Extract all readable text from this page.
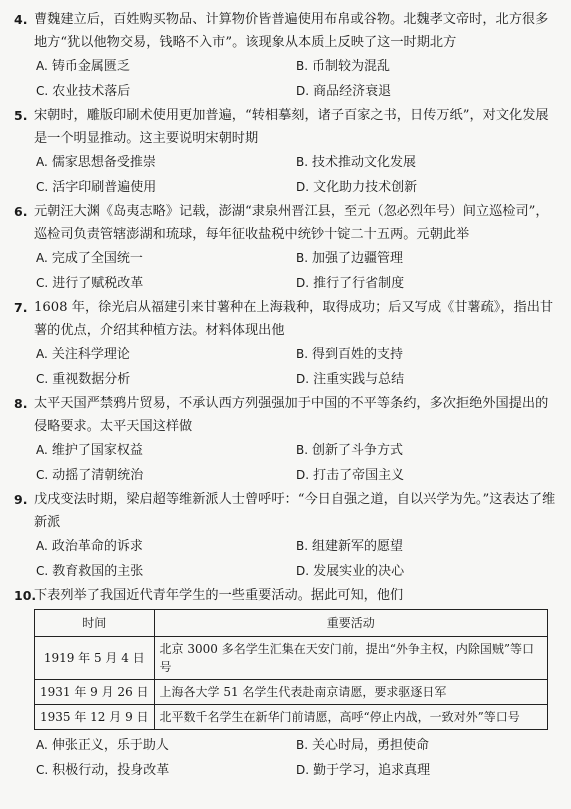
4. 曹魏建立后，百姓购买物品、计算物价皆普遍使用布帛或谷物。北魏孝文帝时，北方很多地方“犹以他物交易，钱略不入市”。该现象从本质上反映了这一时期北方
A. 铸币金属匮乏	B. 币制较为混乱
C. 农业技术落后	D. 商品经济衰退
5. 宋朝时，雕版印刷术使用更加普遍，“转相摹刻，诸子百家之书，日传万纸”，对文化发展是一个明显推动。这主要说明宋朝时期
A. 儒家思想备受推崇	B. 技术推动文化发展
C. 活字印刷普遍使用	D. 文化助力技术创新
6. 元朝汪大渊《岛夷志略》记载，澎湖“隶泉州晋江县，至元（忽必烈年号）间立巡检司”，巡检司负责管辖澎湖和琉球，每年征收盐税中统钞十锭二十五两。元朝此举
A. 完成了全国统一	B. 加强了边疆管理
C. 进行了赋税改革	D. 推行了行省制度
7. 1608 年，徐光启从福建引来甘薯种在上海栽种，取得成功；后又写成《甘薯疏》，指出甘薯的优点，介绍其种植方法。材料体现出他
A. 关注科学理论	B. 得到百姓的支持
C. 重视数据分析	D. 注重实践与总结
8. 太平天国严禁鸦片贸易，不承认西方列强强加于中国的不平等条约，多次拒绝外国提出的侵略要求。太平天国这样做
A. 维护了国家权益	B. 创新了斗争方式
C. 动摇了清朝统治	D. 打击了帝国主义
9. 戊戌变法时期，梁启超等维新派人士曾呼吁：“今日自强之道，自以兴学为先。”这表达了维新派
A. 政治革命的诉求	B. 组建新军的愿望
C. 教育救国的主张	D. 发展实业的决心
10.
下表列举了我国近代青年学生的一些重要活动。据此可知，他们
时间	重要活动
1919 年 5 月 4 日	北京 3000 多名学生汇集在天安门前，提出“外争主权，内除国贼”等口号
1931 年 9 月 26 日	上海各大学 51 名学生代表赴南京请愿，要求驱逐日军
1935 年 12 月 9 日	北平数千名学生在新华门前请愿，高呼“停止内战，一致对外”等口号
A. 伸张正义，乐于助人	B. 关心时局，勇担使命
C. 积极行动，投身改革	D. 勤于学习，追求真理
